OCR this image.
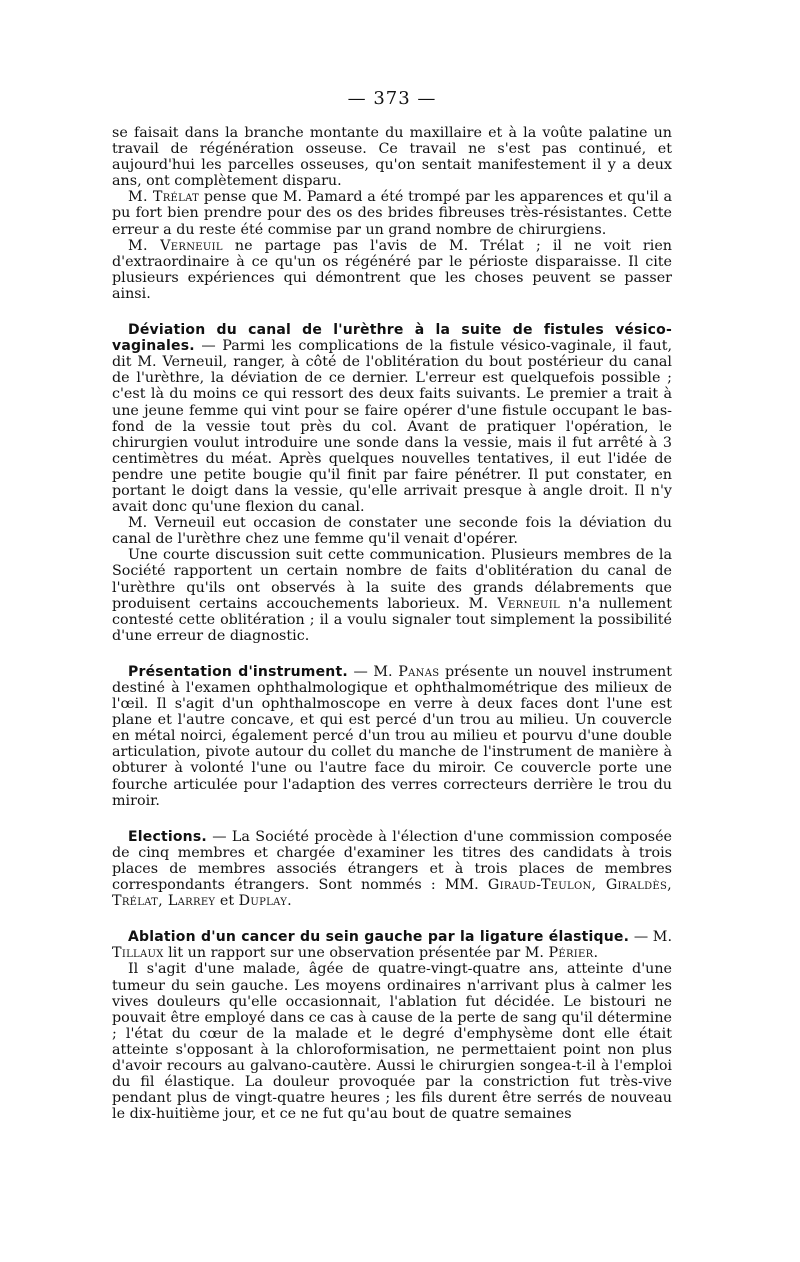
— 373 —

se faisait dans la branche montante du maxillaire et à la voûte palatine un travail de régénération osseuse. Ce travail ne s'est pas continué, et aujourd'hui les parcelles osseuses, qu'on sentait manifestement il y a deux ans, ont complètement disparu.

M. Trélat pense que M. Pamard a été trompé par les apparences et qu'il a pu fort bien prendre pour des os des brides fibreuses très-résistantes. Cette erreur a du reste été commise par un grand nombre de chirurgiens.

M. Verneuil ne partage pas l'avis de M. Trélat ; il ne voit rien d'extraordinaire à ce qu'un os régénéré par le périoste disparaisse. Il cite plusieurs expériences qui démontrent que les choses peuvent se passer ainsi.

Déviation du canal de l'urèthre à la suite de fistules vésico-vaginales. — Parmi les complications de la fistule vésico-vaginale, il faut, dit M. Verneuil, ranger, à côté de l'oblitération du bout postérieur du canal de l'urèthre, la déviation de ce dernier. L'erreur est quelquefois possible ; c'est là du moins ce qui ressort des deux faits suivants. Le premier a trait à une jeune femme qui vint pour se faire opérer d'une fistule occupant le bas-fond de la vessie tout près du col. Avant de pratiquer l'opération, le chirurgien voulut introduire une sonde dans la vessie, mais il fut arrêté à 3 centimètres du méat. Après quelques nouvelles tentatives, il eut l'idée de pendre une petite bougie qu'il finit par faire pénétrer. Il put constater, en portant le doigt dans la vessie, qu'elle arrivait presque à angle droit. Il n'y avait donc qu'une flexion du canal.

M. Verneuil eut occasion de constater une seconde fois la déviation du canal de l'urèthre chez une femme qu'il venait d'opérer.

Une courte discussion suit cette communication. Plusieurs membres de la Société rapportent un certain nombre de faits d'oblitération du canal de l'urèthre qu'ils ont observés à la suite des grands délabrements que produisent certains accouchements laborieux. M. Verneuil n'a nullement contesté cette oblitération ; il a voulu signaler tout simplement la possibilité d'une erreur de diagnostic.

Présentation d'instrument. — M. Panas présente un nouvel instrument destiné à l'examen ophthalmologique et ophthalmométrique des milieux de l'œil. Il s'agit d'un ophthalmoscope en verre à deux faces dont l'une est plane et l'autre concave, et qui est percé d'un trou au milieu. Un couvercle en métal noirci, également percé d'un trou au milieu et pourvu d'une double articulation, pivote autour du collet du manche de l'instrument de manière à obturer à volonté l'une ou l'autre face du miroir. Ce couvercle porte une fourche articulée pour l'adaption des verres correcteurs derrière le trou du miroir.

Elections. — La Société procède à l'élection d'une commission composée de cinq membres et chargée d'examiner les titres des candidats à trois places de membres associés étrangers et à trois places de membres correspondants étrangers. Sont nommés : MM. Giraud-Teulon, Giraldès, Trélat, Larrey et Duplay.

Ablation d'un cancer du sein gauche par la ligature élastique. — M. Tillaux lit un rapport sur une observation présentée par M. Périer.

Il s'agit d'une malade, âgée de quatre-vingt-quatre ans, atteinte d'une tumeur du sein gauche. Les moyens ordinaires n'arrivant plus à calmer les vives douleurs qu'elle occasionnait, l'ablation fut décidée. Le bistouri ne pouvait être employé dans ce cas à cause de la perte de sang qu'il détermine ; l'état du cœur de la malade et le degré d'emphysème dont elle était atteinte s'opposant à la chloroformisation, ne permettaient point non plus d'avoir recours au galvano-cautère. Aussi le chirurgien songea-t-il à l'emploi du fil élastique. La douleur provoquée par la constriction fut très-vive pendant plus de vingt-quatre heures ; les fils durent être serrés de nouveau le dix-huitième jour, et ce ne fut qu'au bout de quatre semaines
